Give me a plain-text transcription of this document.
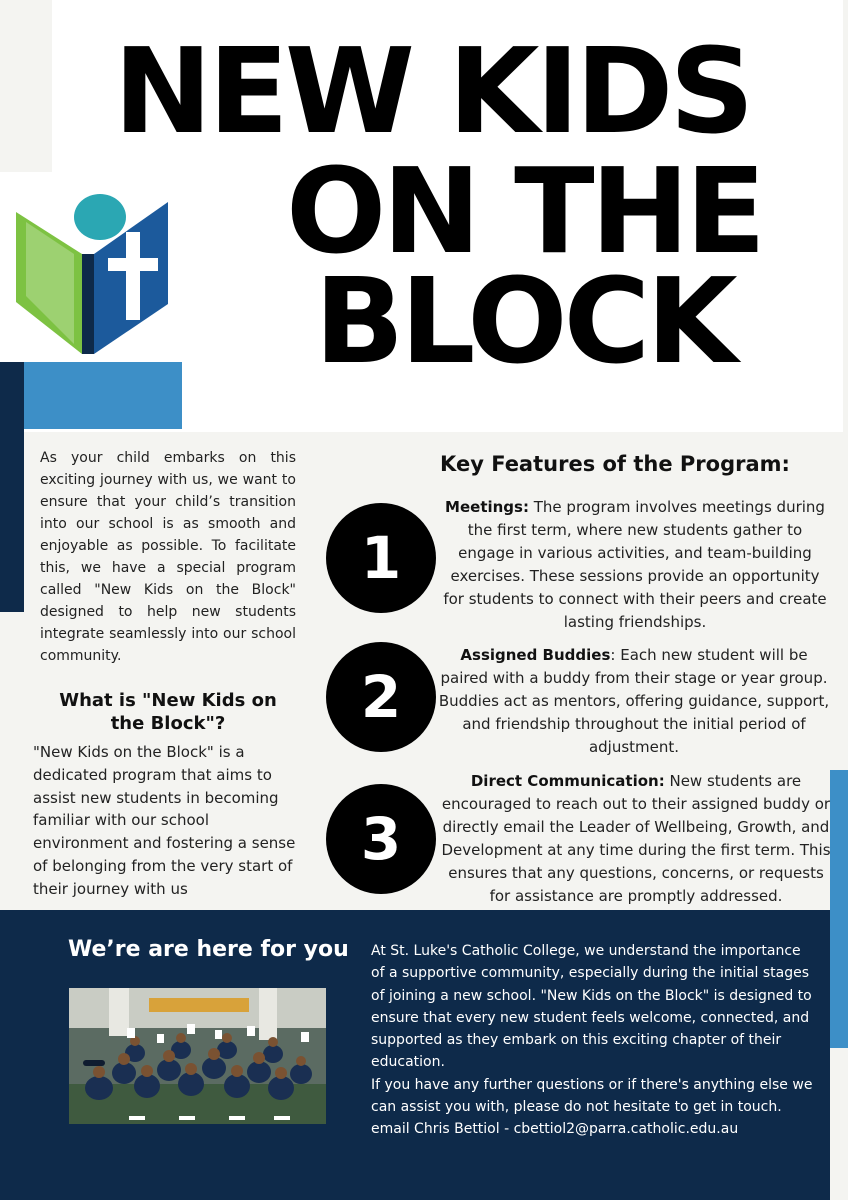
NEW KIDS
ON THE
BLOCK
As your child embarks on this exciting journey with us, we want to ensure that your child’s transition into our school is as smooth and enjoyable as possible. To facilitate this, we have a special program called "New Kids on the Block" designed to help new students integrate seamlessly into our school community.
What is "New Kids on the Block"?
"New Kids on the Block" is a dedicated program that aims to assist new students in becoming familiar with our school environment and fostering a sense of belonging from the very start of their journey with us
Key Features of the Program:
1
2
3
Meetings: The program involves meetings during the first term, where new students gather to engage in various activities, and team-building exercises. These sessions provide an opportunity for students to connect with their peers and create lasting friendships.
Assigned Buddies: Each new student will be paired with a buddy from their stage or year group. Buddies act as mentors, offering guidance, support, and friendship throughout the initial period of adjustment.
Direct Communication: New students are encouraged to reach out to their assigned buddy or directly email the Leader of Wellbeing, Growth, and Development at any time during the first term. This ensures that any questions, concerns, or requests for assistance are promptly addressed.
We’re are here for you	At St. Luke's Catholic College, we understand the importance of a supportive community, especially during the initial stages of joining a new school. "New Kids on the Block" is designed to ensure that every new student feels welcome, connected, and supported as they embark on this exciting chapter of their education.

If you have any further questions or if there's anything else we can assist you with, please do not hesitate to get in touch.

email Chris Bettiol - cbettiol2@parra.catholic.edu.au
